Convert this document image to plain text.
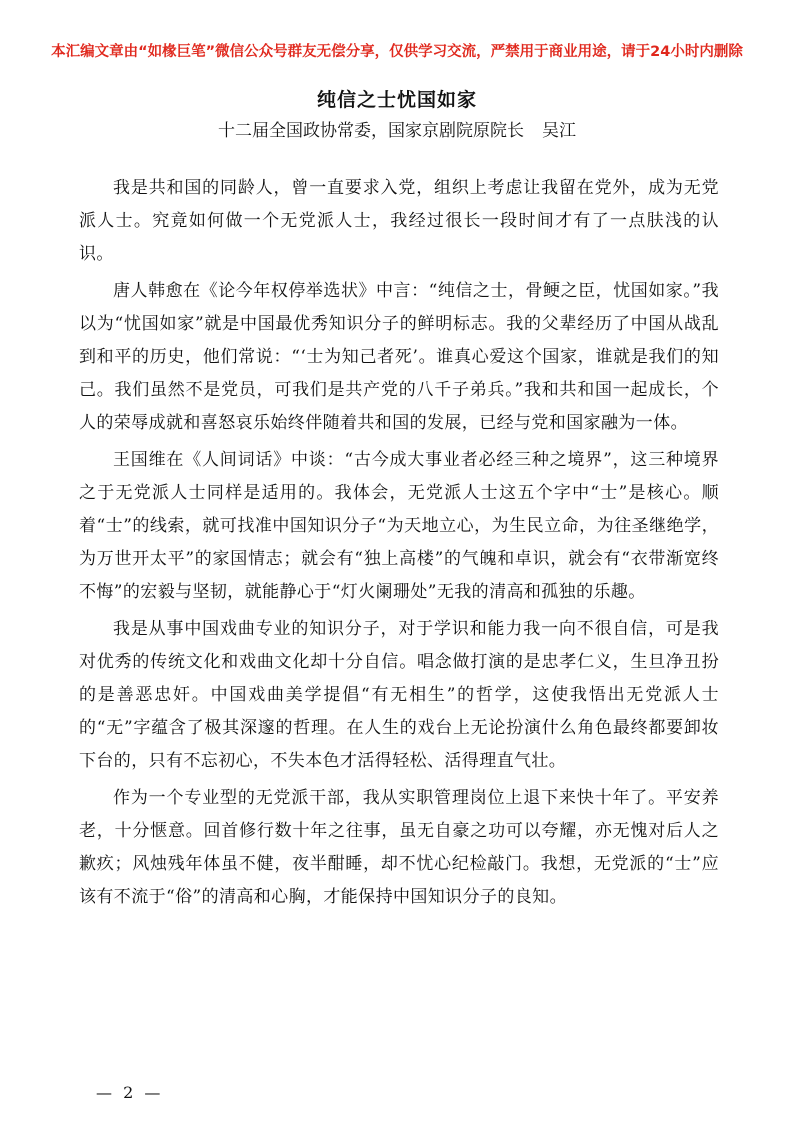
本汇编文章由“如椽巨笔”微信公众号群友无偿分享，仅供学习交流，严禁用于商业用途，请于24小时内删除
纯信之士忧国如家
十二届全国政协常委，国家京剧院原院长 吴江

我是共和国的同龄人，曾一直要求入党，组织上考虑让我留在党外，成为无党派人士。究竟如何做一个无党派人士，我经过很长一段时间才有了一点肤浅的认识。

唐人韩愈在《论今年权停举选状》中言：“纯信之士，骨鲠之臣，忧国如家。”我以为“忧国如家”就是中国最优秀知识分子的鲜明标志。我的父辈经历了中国从战乱到和平的历史，他们常说：“‘士为知己者死’。谁真心爱这个国家，谁就是我们的知己。我们虽然不是党员，可我们是共产党的八千子弟兵。”我和共和国一起成长，个人的荣辱成就和喜怒哀乐始终伴随着共和国的发展，已经与党和国家融为一体。

王国维在《人间词话》中谈：“古今成大事业者必经三种之境界”，这三种境界之于无党派人士同样是适用的。我体会，无党派人士这五个字中“士”是核心。顺着“士”的线索，就可找准中国知识分子“为天地立心，为生民立命，为往圣继绝学，为万世开太平”的家国情志；就会有“独上高楼”的气魄和卓识，就会有“衣带渐宽终不悔”的宏毅与坚韧，就能静心于“灯火阑珊处”无我的清高和孤独的乐趣。

我是从事中国戏曲专业的知识分子，对于学识和能力我一向不很自信，可是我对优秀的传统文化和戏曲文化却十分自信。唱念做打演的是忠孝仁义，生旦净丑扮的是善恶忠奸。中国戏曲美学提倡“有无相生”的哲学，这使我悟出无党派人士的“无”字蕴含了极其深邃的哲理。在人生的戏台上无论扮演什么角色最终都要卸妆下台的，只有不忘初心，不失本色才活得轻松、活得理直气壮。

作为一个专业型的无党派干部，我从实职管理岗位上退下来快十年了。平安养老，十分惬意。回首修行数十年之往事，虽无自豪之功可以夸耀，亦无愧对后人之歉疚；风烛残年体虽不健，夜半酣睡，却不忧心纪检敲门。我想，无党派的“士”应该有不流于“俗”的清高和心胸，才能保持中国知识分子的良知。

— 2 —
